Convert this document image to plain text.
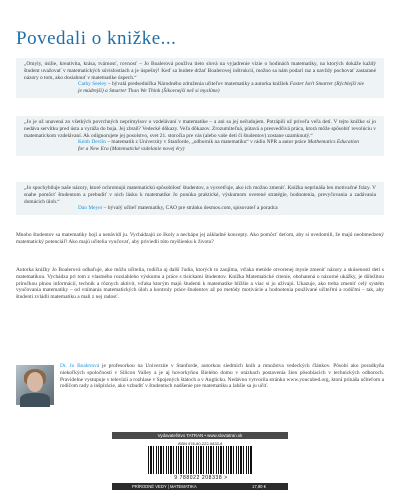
Povedali o knižke...

„Omyly, úsilie, kreativita, krása, tvárnosť, rovnosť – Jo Boalerová používa tieto slová na vyjadrenie vízie o hodinách matematiky, na ktorých dokáže každý študent uvažovať v matematických súvislostiach a je úspešný! Keď sa budete držať Boalerovej inštrukcií, možno sa nám podarí raz a navždy pochovať zastarané názory o tom, ako dosiahnuť v matematike úspech.“

Cathy Seeley – bývalá predsedníčka Národného združenia učiteľov matematiky a autorka knižiek Faster Isn't Smarter (Rýchlejší nie je múdrejší) a Smarter Than We Think (Šikovnejší než si myslíme)

„Jo je už unavená zo všetkých povrchných neprimylsov o vzdelávaní v matematike – a ani sa jej nečudujem. Potrápili už priveľa veľa detí. V tejto knižke si jo nedáva servítku pred ústa a vyráža do boja. Jej zbraň? Vedecké dôkazy. Veľa dôkazov. Zrozumiteľná, pútavá a presvedčivá práca, ktorá môže spôsobiť revolúciu v matematickom vzdelávaní. Ak odignorujete jej posolstvo, svet 21. storočia pre vás (alebo vaše deti či študentov) zostane uzamknutý.“

Keith Devlin – matematik z Univerzity v Stanforde, „odborník na matematiku“ v rádiu NPR a autor práce Mathematics Education for a New Era (Matematické vzdelanie novej éry)

„Jo spochybňuje naše názory, ktoré ochromujú matematickú spôsobilosť študentov, a vysvetľuje, ako ich možno zmeniť. Knižka neprináša len motivačné frázy. V snahe pomôcť študentom a prebudiť v nich lásku k matematike Jo ponúka praktické, výskumom overené stratégie, hodnotenia, prevyčovania a zadávania domácich úloh.“

Dan Meyer – bývalý učiteľ matematiky, CAO pre stránku desmos.com, spisovateľ a poradca

Mnoho študentov sa matematiky bojí a nenávidí ju. Vychádzajú zo školy a nechápu jej základné koncepty. Ako pomôcť deťom, aby si uvedomili, že majú neobmedzený matematický potenciál? Ako majú učitelia vyučovať, aby priviedli túto myšlienku k životu?

Autorka knižky Jo Boalerová odhaľuje, ako môžu učitelia, rodičia aj další ľudia, ktorých to zaujíma, vďaka metóde otvorenej mysle zmeniť názory a skúsenosti detí s matematikou. Vychádza pri tom z vlastného rozsiahleho výskumu a práce s tisíckami študentov. Knižka Matematické citenie, obohatená o názorné ukážky, je dôležitou príručkou plnou informácií, techník a rôznych aktivít, vďaka ktorým majú študenti k matematike bližšie a viac si ju užívajú. Ukazuje, ako treba zmeniť celý systém vyučovania matematiky – od vnímania matematických úloh a kontroly práce študentov až po metódy motivácie a hodnotenia používané učiteľmi a rodičmi – tak, aby študenti zvládli matematiku a mali z nej radosť.

Dr. Jo Boalerová je profesorkou na Univerzite v Stanforde, autorkou siedmich kníh a množstva vedeckých článkov. Pôsobí ako poradkyňa niekoľkých spoločností v Silicon Valley a je aj hovorkyňou Bieleho domu v otázkach postavenia žien pôsobiacich v technických odboroch. Pravidelne vystupuje v televízii a rozhlase v Spojených štátoch a v Anglicku. Nedávno vytvorila stránku www.youcubed.org, ktorá prináša učiteľom a rodičom rady a inšpirácie, ako vzbudiť v študentoch nadšenie pre matematiku a lahšie sa ju učiť.

Vydavateľstvo TATRAN • www.slovtatran.sk
ISBN 978-80-222-0833-8
9 788022 208338 >
PRÍRODNÉ VEDY | MATEMATIKA	17,90 €
